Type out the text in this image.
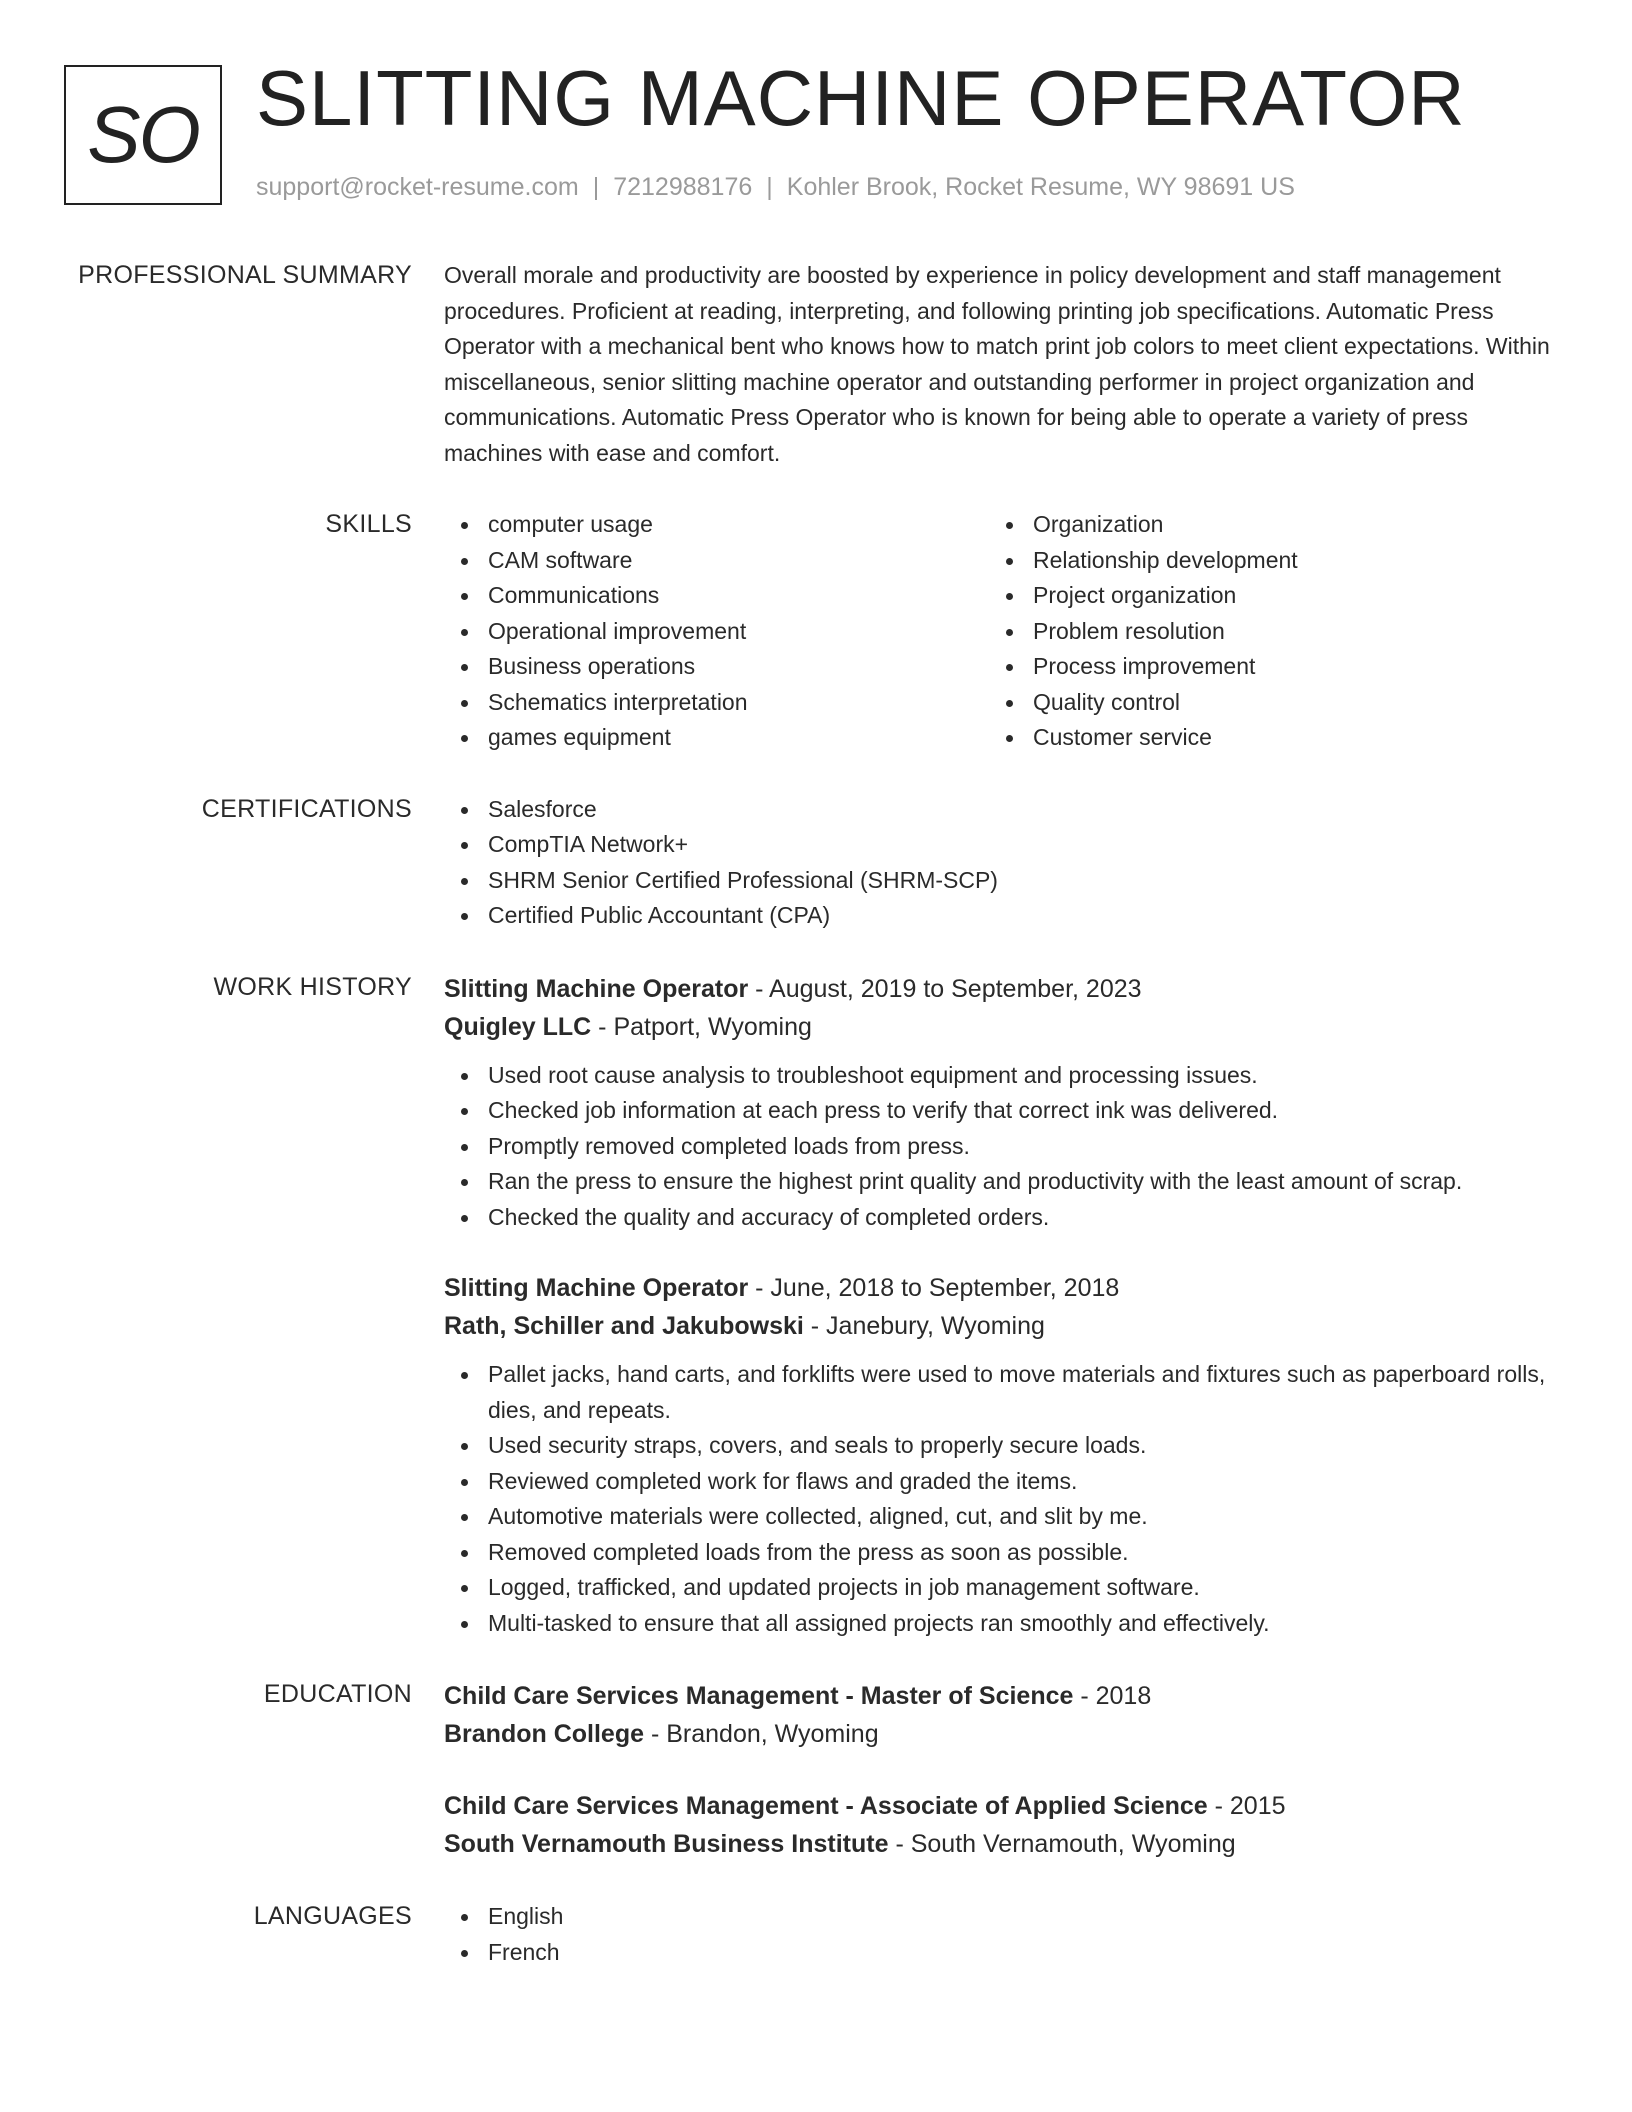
SO SLITTING MACHINE OPERATOR
support@rocket-resume.com | 7212988176 | Kohler Brook, Rocket Resume, WY 98691 US
PROFESSIONAL SUMMARY Overall morale and productivity are boosted by experience in policy development and staff management procedures. Proficient at reading, interpreting, and following printing job specifications. Automatic Press Operator with a mechanical bent who knows how to match print job colors to meet client expectations. Within miscellaneous, senior slitting machine operator and outstanding performer in project organization and communications. Automatic Press Operator who is known for being able to operate a variety of press machines with ease and comfort.

SKILLS	computer usage
CAM software
Communications
Operational improvement
Business operations
Schematics interpretation
games equipment
Organization
Relationship development
Project organization
Problem resolution
Process improvement
Quality control
Customer service
CERTIFICATIONS	Salesforce
CompTIA Network+
SHRM Senior Certified Professional (SHRM-SCP)
Certified Public Accountant (CPA)
WORK HISTORY Slitting Machine Operator - August, 2019 to September, 2023
Quigley LLC - Patport, Wyoming
Used root cause analysis to troubleshoot equipment and processing issues.
Checked job information at each press to verify that correct ink was delivered.
Promptly removed completed loads from press.
Ran the press to ensure the highest print quality and productivity with the least amount of scrap.
Checked the quality and accuracy of completed orders.
Slitting Machine Operator - June, 2018 to September, 2018
Rath, Schiller and Jakubowski - Janebury, Wyoming
Pallet jacks, hand carts, and forklifts were used to move materials and fixtures such as paperboard rolls, dies, and repeats.
Used security straps, covers, and seals to properly secure loads.
Reviewed completed work for flaws and graded the items.
Automotive materials were collected, aligned, cut, and slit by me.
Removed completed loads from the press as soon as possible.
Logged, trafficked, and updated projects in job management software.
Multi-tasked to ensure that all assigned projects ran smoothly and effectively.
EDUCATION Child Care Services Management - Master of Science - 2018
Brandon College - Brandon, Wyoming
Child Care Services Management - Associate of Applied Science - 2015
South Vernamouth Business Institute - South Vernamouth, Wyoming
LANGUAGES	English
French
